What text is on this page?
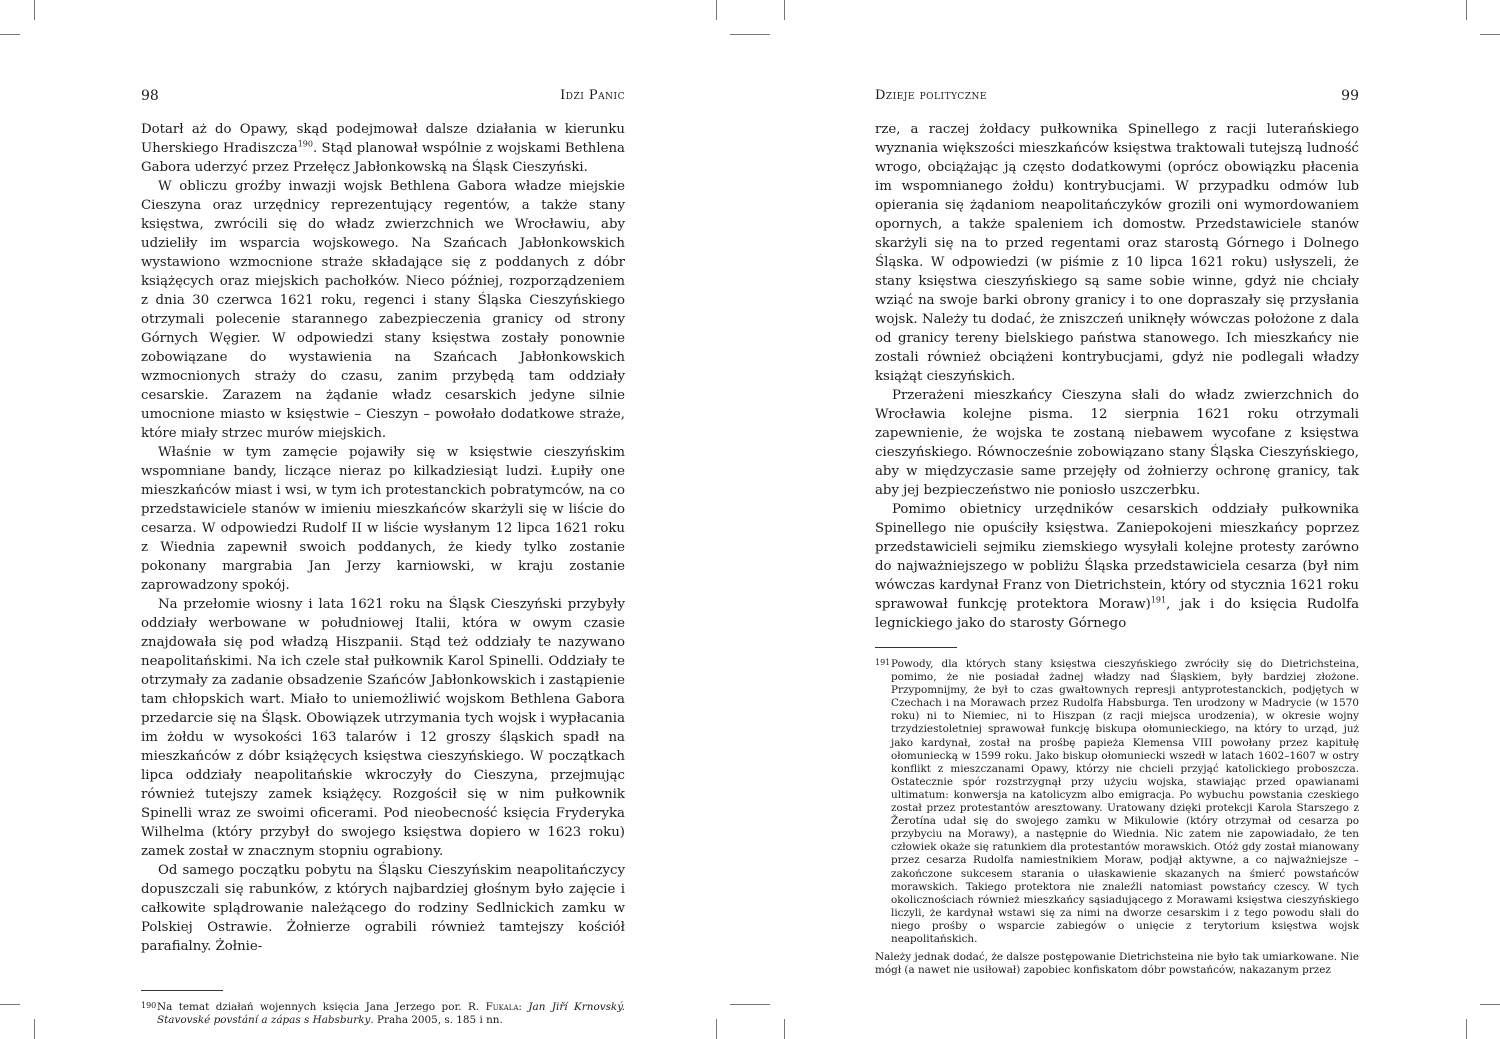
98	Idzi Panic

Dotarł aż do Opawy, skąd podejmował dalsze działania w kierunku Uherskiego Hradiszcza$^{190}$. Stąd planował wspólnie z wojskami Bethlena Gabora uderzyć przez Przełęcz Jabłonkowską na Śląsk Cieszyński.

W obliczu groźby inwazji wojsk Bethlena Gabora władze miejskie Cieszyna oraz urzędnicy reprezentujący regentów, a także stany księstwa, zwrócili się do władz zwierzchnich we Wrocławiu, aby udzieliły im wsparcia wojskowego. Na Szańcach Jabłonkowskich wystawiono wzmocnione straże składające się z poddanych z dóbr książęcych oraz miejskich pachołków. Nieco później, rozporządzeniem z dnia 30 czerwca 1621 roku, regenci i stany Śląska Cieszyńskiego otrzymali polecenie starannego zabezpieczenia granicy od strony Górnych Węgier. W odpowiedzi stany księstwa zostały ponownie zobowiązane do wystawienia na Szańcach Jabłonkowskich wzmocnionych straży do czasu, zanim przybędą tam oddziały cesarskie. Zarazem na żądanie władz cesarskich jedyne silnie umocnione miasto w księstwie – Cieszyn – powołało dodatkowe straże, które miały strzec murów miejskich.

Właśnie w tym zamęcie pojawiły się w księstwie cieszyńskim wspomniane bandy, liczące nieraz po kilkadziesiąt ludzi. Łupiły one mieszkańców miast i wsi, w tym ich protestanckich pobratymców, na co przedstawiciele stanów w imieniu mieszkańców skarżyli się w liście do cesarza. W odpowiedzi Rudolf II w liście wysłanym 12 lipca 1621 roku z Wiednia zapewnił swoich poddanych, że kiedy tylko zostanie pokonany margrabia Jan Jerzy karniowski, w kraju zostanie zaprowadzony spokój.

Na przełomie wiosny i lata 1621 roku na Śląsk Cieszyński przybyły oddziały werbowane w południowej Italii, która w owym czasie znajdowała się pod władzą Hiszpanii. Stąd też oddziały te nazywano neapolitańskimi. Na ich czele stał pułkownik Karol Spinelli. Oddziały te otrzymały za zadanie obsadzenie Szańców Jabłonkowskich i zastąpienie tam chłopskich wart. Miało to uniemożliwić wojskom Bethlena Gabora przedarcie się na Śląsk. Obowiązek utrzymania tych wojsk i wypłacania im żołdu w wysokości 163 talarów i 12 groszy śląskich spadł na mieszkańców z dóbr książęcych księstwa cieszyńskiego. W początkach lipca oddziały neapolitańskie wkroczyły do Cieszyna, przejmując również tutejszy zamek książęcy. Rozgościł się w nim pułkownik Spinelli wraz ze swoimi oficerami. Pod nieobecność księcia Fryderyka Wilhelma (który przybył do swojego księstwa dopiero w 1623 roku) zamek został w znacznym stopniu ograbiony.

Od samego początku pobytu na Śląsku Cieszyńskim neapolitańczycy dopuszczali się rabunków, z których najbardziej głośnym było zajęcie i całkowite splądrowanie należącego do rodziny Sedlnickich zamku w Polskiej Ostrawie. Żołnierze ograbili również tamtejszy kościół parafialny. Żołnie-

190Na temat działań wojennych księcia Jana Jerzego por. R. Fukala: Jan Jiří Krnovský. Stavovské povstání a zápas s Habsburky. Praha 2005, s. 185 i nn.

Dzieje polityczne	99

rze, a raczej żołdacy pułkownika Spinellego z racji luterańskiego wyznania większości mieszkańców księstwa traktowali tutejszą ludność wrogo, obciążając ją często dodatkowymi (oprócz obowiązku płacenia im wspomnianego żołdu) kontrybucjami. W przypadku odmów lub opierania się żądaniom neapolitańczyków grozili oni wymordowaniem opornych, a także spaleniem ich domostw. Przedstawiciele stanów skarżyli się na to przed regentami oraz starostą Górnego i Dolnego Śląska. W odpowiedzi (w piśmie z 10 lipca 1621 roku) usłyszeli, że stany księstwa cieszyńskiego są same sobie winne, gdyż nie chciały wziąć na swoje barki obrony granicy i to one dopraszały się przysłania wojsk. Należy tu dodać, że zniszczeń uniknęły wówczas położone z dala od granicy tereny bielskiego państwa stanowego. Ich mieszkańcy nie zostali również obciążeni kontrybucjami, gdyż nie podlegali władzy książąt cieszyńskich.

Przerażeni mieszkańcy Cieszyna słali do władz zwierzchnich do Wrocławia kolejne pisma. 12 sierpnia 1621 roku otrzymali zapewnienie, że wojska te zostaną niebawem wycofane z księstwa cieszyńskiego. Równocześnie zobowiązano stany Śląska Cieszyńskiego, aby w międzyczasie same przejęły od żołnierzy ochronę granicy, tak aby jej bezpieczeństwo nie poniosło uszczerbku.

Pomimo obietnicy urzędników cesarskich oddziały pułkownika Spinellego nie opuściły księstwa. Zaniepokojeni mieszkańcy poprzez przedstawicieli sejmiku ziemskiego wysyłali kolejne protesty zarówno do najważniejszego w pobliżu Śląska przedstawiciela cesarza (był nim wówczas kardynał Franz von Dietrichstein, który od stycznia 1621 roku sprawował funkcję protektora Moraw)$^{191}$, jak i do księcia Rudolfa legnickiego jako do starosty Górnego

191Powody, dla których stany księstwa cieszyńskiego zwróciły się do Dietrichsteina, pomimo, że nie posiadał żadnej władzy nad Śląskiem, były bardziej złożone. Przypomnijmy, że był to czas gwałtownych represji antyprotestanckich, podjętych w Czechach i na Morawach przez Rudolfa Habsburga. Ten urodzony w Madrycie (w 1570 roku) ni to Niemiec, ni to Hiszpan (z racji miejsca urodzenia), w okresie wojny trzydziestoletniej sprawował funkcję biskupa ołomunieckiego, na który to urząd, już jako kardynał, został na prośbę papieża Klemensa VIII powołany przez kapitułę ołomuniecką w 1599 roku. Jako biskup ołomuniecki wszedł w latach 1602–1607 w ostry konflikt z mieszczanami Opawy, którzy nie chcieli przyjąć katolickiego proboszcza. Ostatecznie spór rozstrzygnął przy użyciu wojska, stawiając przed opawianami ultimatum: konwersja na katolicyzm albo emigracja. Po wybuchu powstania czeskiego został przez protestantów aresztowany. Uratowany dzięki protekcji Karola Starszego z Žerotína udał się do swojego zamku w Mikulowie (który otrzymał od cesarza po przybyciu na Morawy), a następnie do Wiednia. Nic zatem nie zapowiadało, że ten człowiek okaże się ratunkiem dla protestantów morawskich. Otóż gdy został mianowany przez cesarza Rudolfa namiestnikiem Moraw, podjął aktywne, a co najważniejsze – zakończone sukcesem starania o ułaskawienie skazanych na śmierć powstańców morawskich. Takiego protektora nie znaleźli natomiast powstańcy czescy. W tych okolicznościach również mieszkańcy sąsiadującego z Morawami księstwa cieszyńskiego liczyli, że kardynał wstawi się za nimi na dworze cesarskim i z tego powodu słali do niego prośby o wsparcie zabiegów o unięcie z terytorium księstwa wojsk neapolitańskich.

Należy jednak dodać, że dalsze postępowanie Dietrichsteina nie było tak umiarkowane. Nie mógł (a nawet nie usiłował) zapobiec konfiskatom dóbr powstańców, nakazanym przez
